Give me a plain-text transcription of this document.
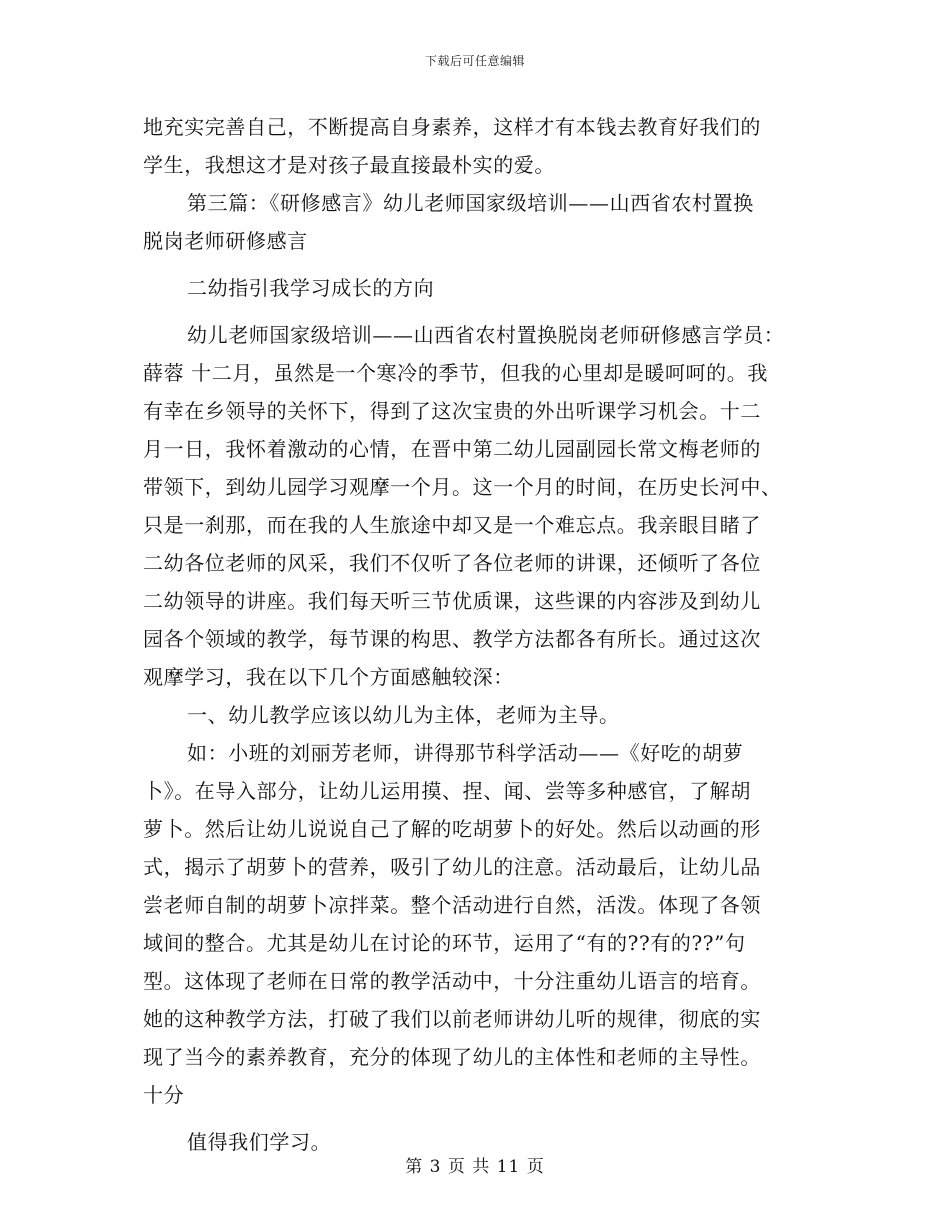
下载后可任意编辑
地充实完善自己，不断提高自身素养，这样才有本钱去教育好我们的
学生，我想这才是对孩子最直接最朴实的爱。
第三篇：《研修感言》幼儿老师国家级培训——山西省农村置换
脱岗老师研修感言
二幼指引我学习成长的方向
幼儿老师国家级培训——山西省农村置换脱岗老师研修感言学员：
薛蓉 十二月，虽然是一个寒冷的季节，但我的心里却是暖呵呵的。我
有幸在乡领导的关怀下，得到了这次宝贵的外出听课学习机会。十二
月一日，我怀着激动的心情，在晋中第二幼儿园副园长常文梅老师的
带领下，到幼儿园学习观摩一个月。这一个月的时间，在历史长河中、
只是一刹那，而在我的人生旅途中却又是一个难忘点。我亲眼目睹了
二幼各位老师的风采，我们不仅听了各位老师的讲课，还倾听了各位
二幼领导的讲座。我们每天听三节优质课，这些课的内容涉及到幼儿
园各个领域的教学，每节课的构思、教学方法都各有所长。通过这次
观摩学习，我在以下几个方面感触较深：
一、幼儿教学应该以幼儿为主体，老师为主导。
如：小班的刘丽芳老师，讲得那节科学活动——《好吃的胡萝
卜》。在导入部分，让幼儿运用摸、捏、闻、尝等多种感官，了解胡
萝卜。然后让幼儿说说自己了解的吃胡萝卜的好处。然后以动画的形
式，揭示了胡萝卜的营养，吸引了幼儿的注意。活动最后，让幼儿品
尝老师自制的胡萝卜凉拌菜。整个活动进行自然，活泼。体现了各领
域间的整合。尤其是幼儿在讨论的环节，运用了“有的??有的??”句
型。这体现了老师在日常的教学活动中，十分注重幼儿语言的培育。
她的这种教学方法，打破了我们以前老师讲幼儿听的规律，彻底的实
现了当今的素养教育，充分的体现了幼儿的主体性和老师的主导性。
十分
值得我们学习。
第 3 页 共 11 页
